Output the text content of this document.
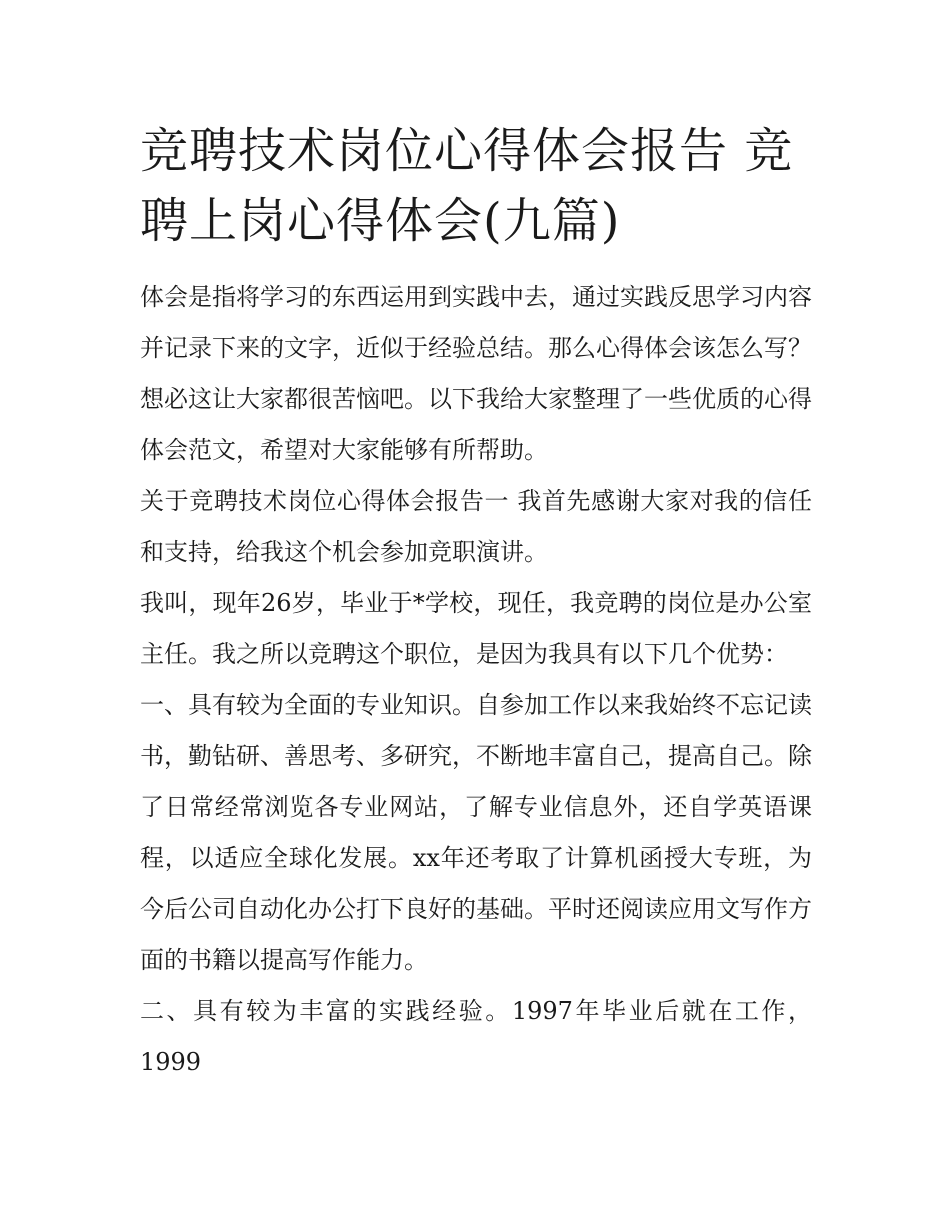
竞聘技术岗位心得体会报告 竞聘上岗心得体会(九篇)

体会是指将学习的东西运用到实践中去，通过实践反思学习内容并记录下来的文字，近似于经验总结。那么心得体会该怎么写？想必这让大家都很苦恼吧。以下我给大家整理了一些优质的心得体会范文，希望对大家能够有所帮助。

关于竞聘技术岗位心得体会报告一 我首先感谢大家对我的信任和支持，给我这个机会参加竞职演讲。

我叫，现年26岁，毕业于*学校，现任，我竞聘的岗位是办公室主任。我之所以竞聘这个职位，是因为我具有以下几个优势：

一、具有较为全面的专业知识。自参加工作以来我始终不忘记读书，勤钻研、善思考、多研究，不断地丰富自己，提高自己。除了日常经常浏览各专业网站，了解专业信息外，还自学英语课程，以适应全球化发展。xx年还考取了计算机函授大专班，为今后公司自动化办公打下良好的基础。平时还阅读应用文写作方面的书籍以提高写作能力。

二、具有较为丰富的实践经验。1997年毕业后就在工作，1999
